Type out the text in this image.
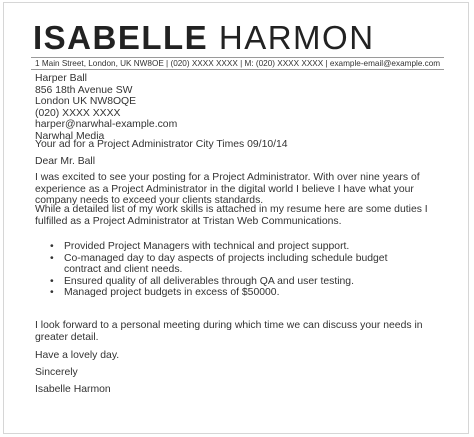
ISABELLE HARMON
1 Main Street, London, UK NW8OE | (020) XXXX XXXX | M: (020) XXXX XXXX | example-email@example.com
Harper Ball
856 18th Avenue SW
London UK NW8OQE
(020) XXXX XXXX
harper@narwhal-example.com
Narwhal Media
Your ad for a Project Administrator City Times 09/10/14
Dear Mr. Ball
I was excited to see your posting for a Project Administrator. With over nine years of experience as a Project Administrator in the digital world I believe I have what your company needs to exceed your clients standards.
While a detailed list of my work skills is attached in my resume here are some duties I fulfilled as a Project Administrator at Tristan Web Communications.
• Provided Project Managers with technical and project support.
• Co-managed day to day aspects of projects including schedule budget contract and client needs.
• Ensured quality of all deliverables through QA and user testing.
• Managed project budgets in excess of $50000.
I look forward to a personal meeting during which time we can discuss your needs in greater detail.
Have a lovely day.
Sincerely
Isabelle Harmon
